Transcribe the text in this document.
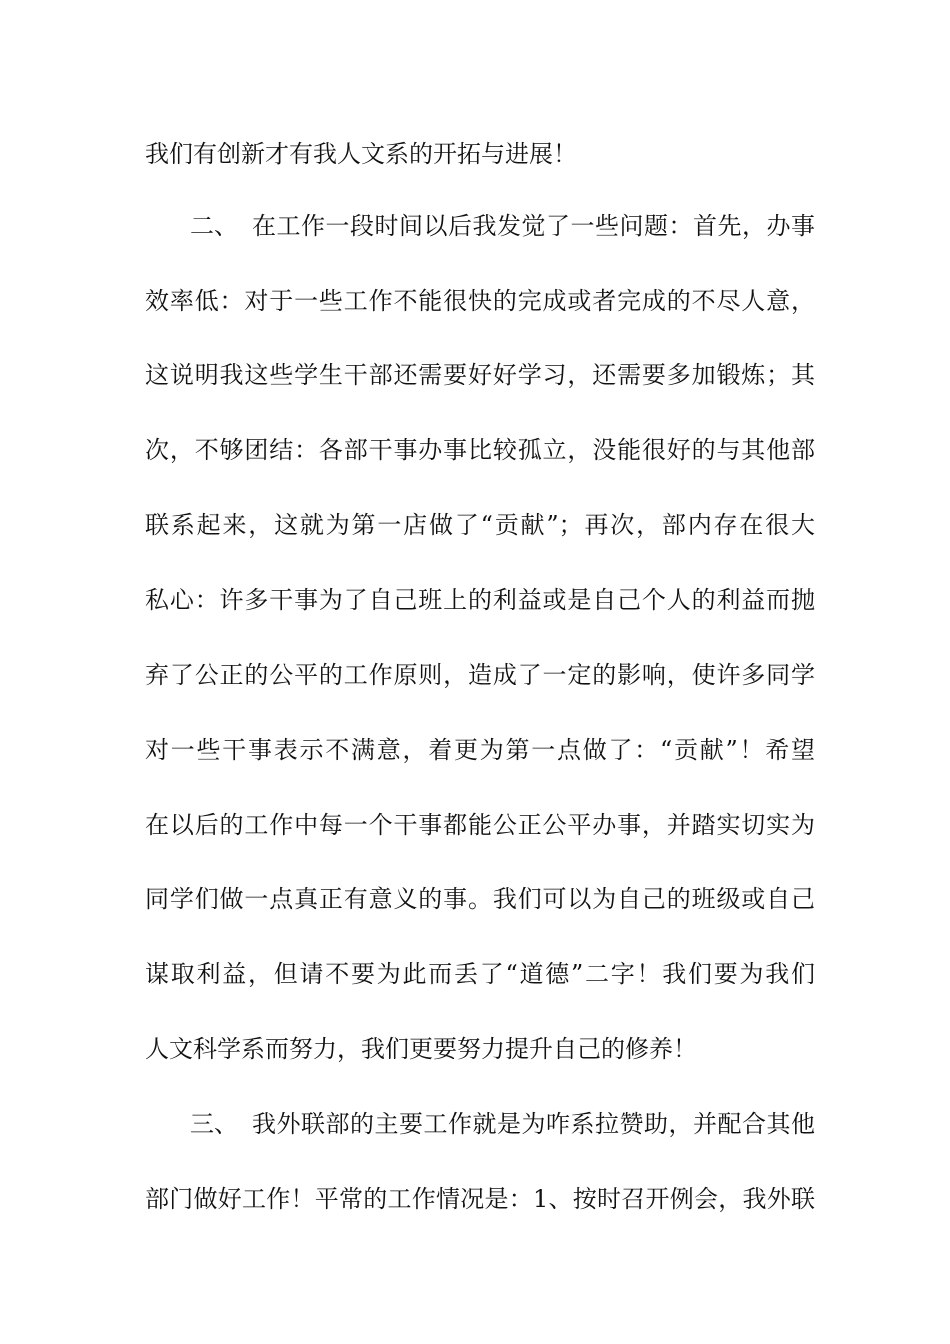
我们有创新才有我人文系的开拓与进展！
二、 在工作一段时间以后我发觉了一些问题：首先，办事
效率低：对于一些工作不能很快的完成或者完成的不尽人意，
这说明我这些学生干部还需要好好学习，还需要多加锻炼；其
次，不够团结：各部干事办事比较孤立，没能很好的与其他部
联系起来，这就为第一店做了“贡献”；再次，部内存在很大
私心：许多干事为了自己班上的利益或是自己个人的利益而抛
弃了公正的公平的工作原则，造成了一定的影响，使许多同学
对一些干事表示不满意，着更为第一点做了：“贡献”！希望
在以后的工作中每一个干事都能公正公平办事，并踏实切实为
同学们做一点真正有意义的事。我们可以为自己的班级或自己
谋取利益，但请不要为此而丢了“道德”二字！我们要为我们
人文科学系而努力，我们更要努力提升自己的修养！
三、 我外联部的主要工作就是为咋系拉赞助，并配合其他
部门做好工作！平常的工作情况是：1、按时召开例会，我外联
